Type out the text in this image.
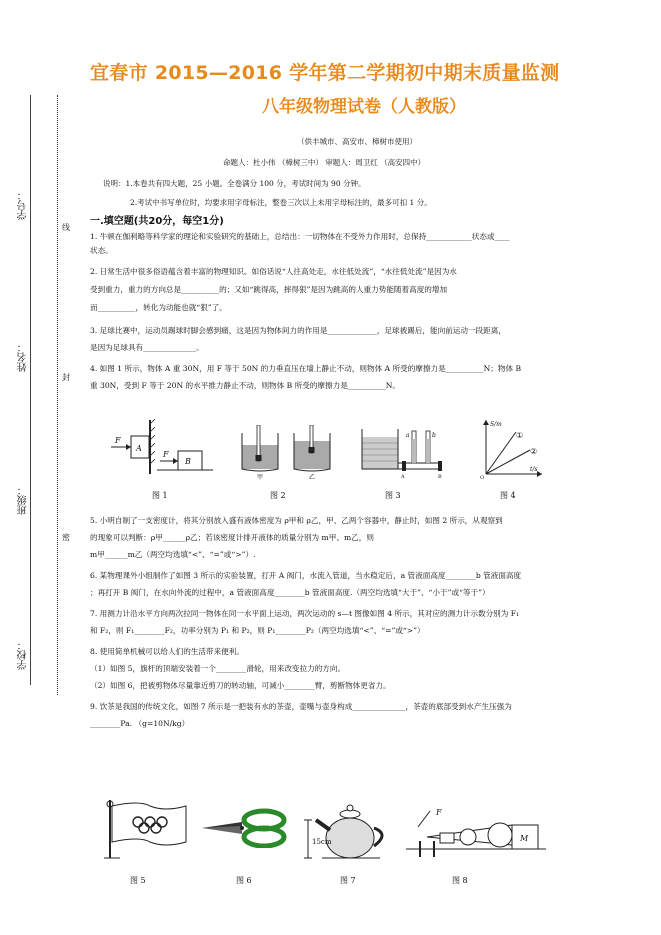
学号：
姓名：
班级：
学校：
线
封
密
宜春市 2015—2016 学年第二学期初中期末质量监测
八年级物理试卷（人教版）
（供丰城市、高安市、樟树市使用）
命题人：杜小伟 （樟树三中） 审题人：周卫红 （高安四中）
说明：1.本卷共有四大题，25 小题。全卷满分 100 分，考试时间为 90 分钟。
2.考试中书写单位时，均要求用字母标注，整卷三次以上未用字母标注的，最多可扣 1 分。
一.填空题(共20分，每空1分)
1. 牛顿在伽利略等科学家的理论和实验研究的基础上，总结出：一切物体在不受外力作用时，总保持____________状态或____
状态。
2. 日常生活中很多俗语蕴含着丰富的物理知识。如俗话说“人往高处走，水往低处流”，“水往低处流”是因为水
受到重力，重力的方向总是__________的；又如“跳得高，摔得狠”是因为跳高的人重力势能随着高度的增加
而__________，转化为动能也就“狠”了。
3. 足球比赛中，运动员踢球时脚会感到痛，这是因为物体间力的作用是_____________，足球被踢后，能向前运动一段距离，
是因为足球具有______________。
4. 如图 1 所示，物体 A 重 30N，用 F 等于 50N 的力垂直压在墙上静止不动，则物体 A 所受的摩擦力是__________N；物体 B
重 30N，受到 F 等于 20N 的水平推力静止不动，则物体 B 所受的摩擦力是__________N。
F
A
F
B
甲	乙
a	b
A	B
S/m
t/s
①
②
O
图 1	图 2	图 3	图 4
5. 小明自制了一支密度计，将其分别放入盛有液体密度为 ρ甲和 ρ乙，甲、乙两个容器中，静止时，如图 2 所示，从观察到
的现象可以判断：ρ甲______ρ乙；若该密度计排开液体的质量分别为 m甲、m乙，则
m甲______m乙（两空均选填“<”、“=”或“>”）.
6. 某物理课外小组制作了如图 3 所示的实验装置，打开 A 阀门，水流入管道，当水稳定后，a 管液面高度________b 管液面高度
；再打开 B 阀门，在水向外流的过程中，a 管液面高度________b 管液面高度.（两空均选填“大于”、“小于”或“等于”）
7. 用测力计沿水平方向两次拉同一物体在同一水平面上运动，两次运动的 s—t 图像如图 4 所示，其对应的测力计示数分别为 F₁
和 F₂，则 F₁________F₂，功率分别为 P₁ 和 P₂，则 P₁________P₂（两空均选填“<”、“=”或“>”）
8. 使用简单机械可以给人们的生活带来便利。
（1）如图 5，旗杆的顶端安装着一个________滑轮，用来改变拉力的方向。
（2）如图 6，把被剪物体尽量靠近剪刀的转动轴，可减小________臂，剪断物体更省力。
9. 饮茶是我国的传统文化，如图 7 所示是一把装有水的茶壶，壶嘴与壶身构成______________，茶壶的底部受到水产生压强为
________Pa. （g=10N/kg）
15cm
F
M
图 5	图 6	图 7	图 8
